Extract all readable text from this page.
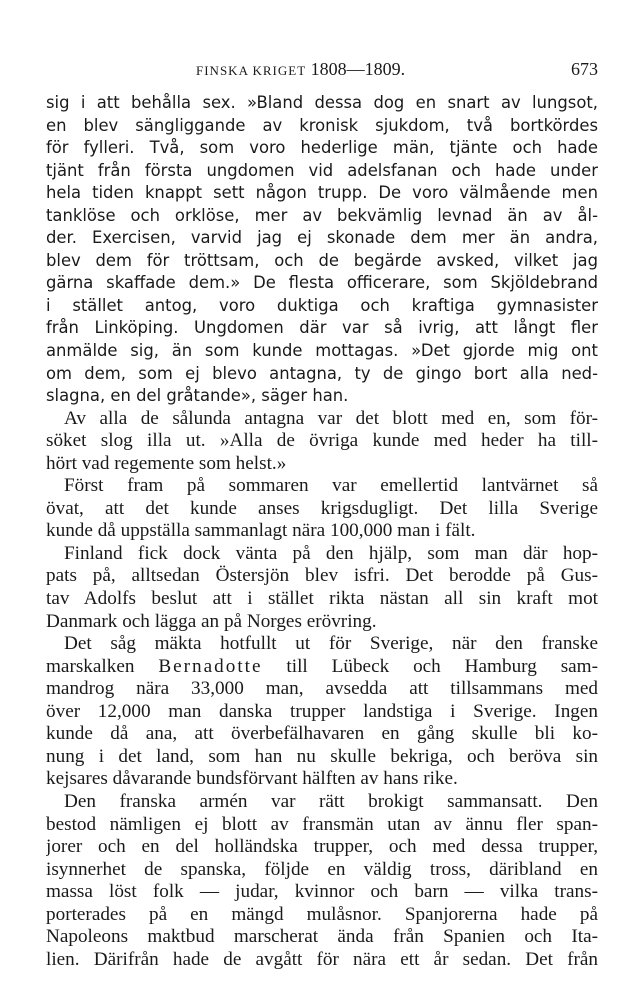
FINSKA KRIGET 1808—1809.	673
sig i att behålla sex. »Bland dessa dog en snart av lungsot,
en blev sängliggande av kronisk sjukdom, två bortkördes
för fylleri. Två, som voro hederlige män, tjänte och hade
tjänt från första ungdomen vid adelsfanan och hade under
hela tiden knappt sett någon trupp. De voro välmående men
tanklöse och orklöse, mer av bekvämlig levnad än av ål-
der. Exercisen, varvid jag ej skonade dem mer än andra,
blev dem för tröttsam, och de begärde avsked, vilket jag
gärna skaffade dem.» De flesta officerare, som Skjöldebrand
i stället antog, voro duktiga och kraftiga gymnasister
från Linköping. Ungdomen där var så ivrig, att långt fler
anmälde sig, än som kunde mottagas. »Det gjorde mig ont
om dem, som ej blevo antagna, ty de gingo bort alla ned-
slagna, en del gråtande», säger han.
Av alla de sålunda antagna var det blott med en, som för-
söket slog illa ut. »Alla de övriga kunde med heder ha till-
hört vad regemente som helst.»
Först fram på sommaren var emellertid lantvärnet så
övat, att det kunde anses krigsdugligt. Det lilla Sverige
kunde då uppställa sammanlagt nära 100,000 man i fält.
Finland fick dock vänta på den hjälp, som man där hop-
pats på, alltsedan Östersjön blev isfri. Det berodde på Gus-
tav Adolfs beslut att i stället rikta nästan all sin kraft mot
Danmark och lägga an på Norges erövring.
Det såg mäkta hotfullt ut för Sverige, när den franske
marskalken Bernadotte till Lübeck och Hamburg sam-
mandrog nära 33,000 man, avsedda att tillsammans med
över 12,000 man danska trupper landstiga i Sverige. Ingen
kunde då ana, att överbefälhavaren en gång skulle bli ko-
nung i det land, som han nu skulle bekriga, och beröva sin
kejsares dåvarande bundsförvant hälften av hans rike.
Den franska armén var rätt brokigt sammansatt. Den
bestod nämligen ej blott av fransmän utan av ännu fler span-
jorer och en del holländska trupper, och med dessa trupper,
isynnerhet de spanska, följde en väldig tross, däribland en
massa löst folk — judar, kvinnor och barn — vilka trans-
porterades på en mängd mulåsnor. Spanjorerna hade på
Napoleons maktbud marscherat ända från Spanien och Ita-
lien. Därifrån hade de avgått för nära ett år sedan. Det från
